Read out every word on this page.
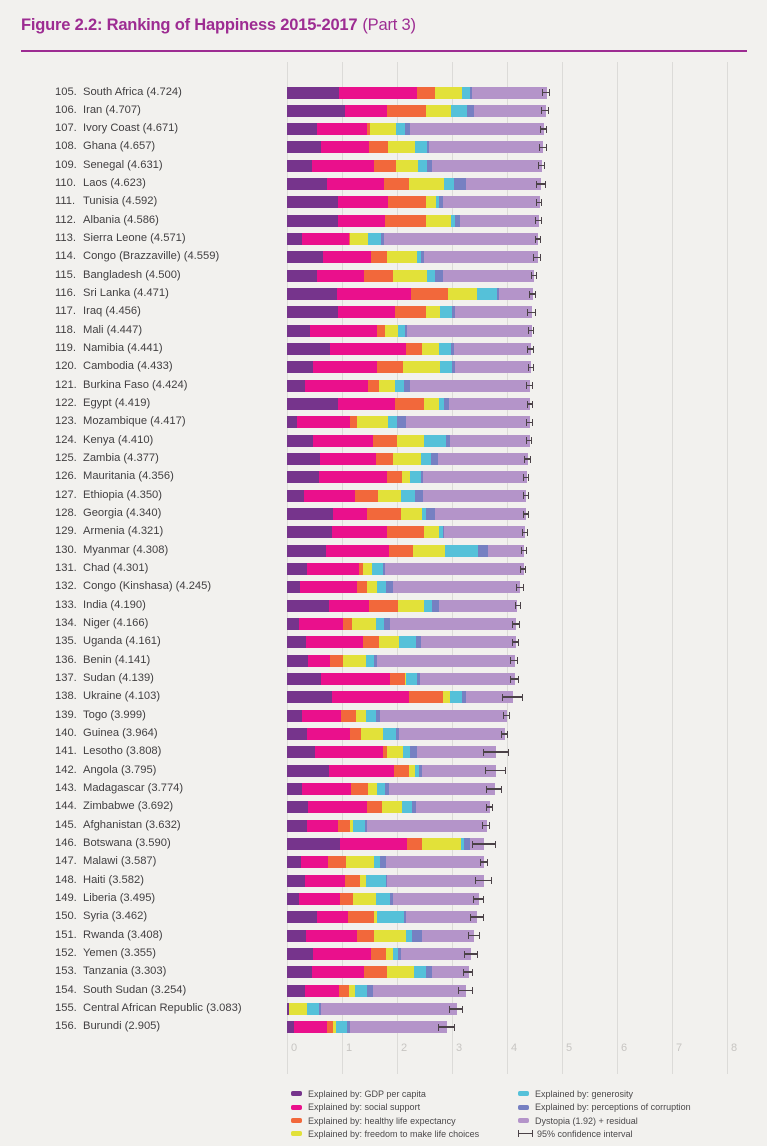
Figure 2.2: Ranking of Happiness 2015-2017 (Part 3)
0	1	2	3	4	5	6	7	8
105. South Africa (4.724)
106. Iran (4.707)
107. Ivory Coast (4.671)
108. Ghana (4.657)
109. Senegal (4.631)
110. Laos (4.623)
111. Tunisia (4.592)
112. Albania (4.586)
113. Sierra Leone (4.571)
114. Congo (Brazzaville) (4.559)
115. Bangladesh (4.500)
116. Sri Lanka (4.471)
117. Iraq (4.456)
118. Mali (4.447)
119. Namibia (4.441)
120. Cambodia (4.433)
121. Burkina Faso (4.424)
122. Egypt (4.419)
123. Mozambique (4.417)
124. Kenya (4.410)
125. Zambia (4.377)
126. Mauritania (4.356)
127. Ethiopia (4.350)
128. Georgia (4.340)
129. Armenia (4.321)
130. Myanmar (4.308)
131. Chad (4.301)
132. Congo (Kinshasa) (4.245)
133. India (4.190)
134. Niger (4.166)
135. Uganda (4.161)
136. Benin (4.141)
137. Sudan (4.139)
138. Ukraine (4.103)
139. Togo (3.999)
140. Guinea (3.964)
141. Lesotho (3.808)
142. Angola (3.795)
143. Madagascar (3.774)
144. Zimbabwe (3.692)
145. Afghanistan (3.632)
146. Botswana (3.590)
147. Malawi (3.587)
148. Haiti (3.582)
149. Liberia (3.495)
150. Syria (3.462)
151. Rwanda (3.408)
152. Yemen (3.355)
153. Tanzania (3.303)
154. South Sudan (3.254)
155. Central African Republic (3.083)
156. Burundi (2.905)
Explained by: GDP per capita
Explained by: social support
Explained by: healthy life expectancy
Explained by: freedom to make life choices
Explained by: generosity
Explained by: perceptions of corruption
Dystopia (1.92) + residual
95% confidence interval
